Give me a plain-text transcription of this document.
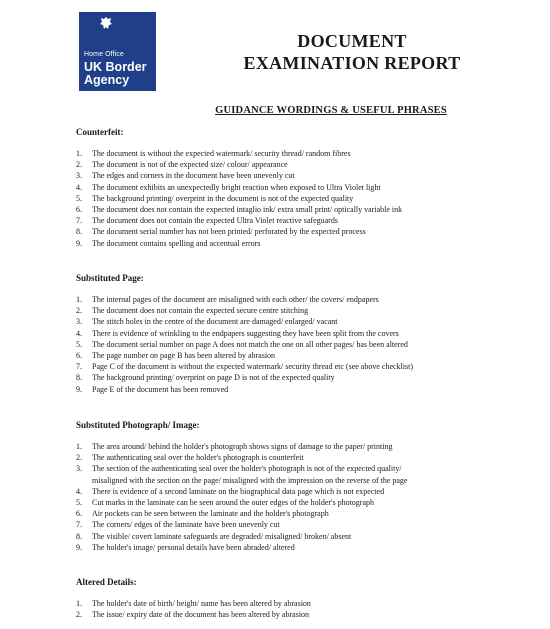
Home Office
UK Border
Agency
DOCUMENT
EXAMINATION REPORT
GUIDANCE WORDINGS & USEFUL PHRASES
Counterfeit:
1. The document is without the expected watermark/ security thread/ random fibres
2. The document is not of the expected size/ colour/ appearance
3. The edges and corners in the document have been unevenly cut
4. The document exhibits an unexpectedly bright reaction when exposed to Ultra Violet light
5. The background printing/ overprint in the document is not of the expected quality
6. The document does not contain the expected intaglio ink/ extra small print/ optically variable ink
7. The document does not contain the expected Ultra Violet reactive safeguards
8. The document serial number has not been printed/ perforated by the expected process
9. The document contains spelling and accentual errors
Substituted Page:
1. The internal pages of the document are misaligned with each other/ the covers/ endpapers
2. The document does not contain the expected secure centre stitching
3. The stitch holes in the centre of the document are damaged/ enlarged/ vacant
4. There is evidence of wrinkling to the endpapers suggesting they have been split from the covers
5. The document serial number on page A does not match the one on all other pages/ has been altered
6. The page number on page B has been altered by abrasion
7. Page C of the document is without the expected watermark/ security thread etc (see above checklist)
8. The background printing/ overprint on page D is not of the expected quality
9. Page E of the document has been removed
Substituted Photograph/ Image:
1. The area around/ behind the holder's photograph shows signs of damage to the paper/ printing
2. The authenticating seal over the holder's photograph is counterfeit
3. The section of the authenticating seal over the holder's photograph is not of the expected quality/
misaligned with the section on the page/ misaligned with the impression on the reverse of the page
4. There is evidence of a second laminate on the biographical data page which is not expected
5. Cut marks in the laminate can be seen around the outer edges of the holder's photograph
6. Air pockets can be seen between the laminate and the holder's photograph
7. The corners/ edges of the laminate have been unevenly cut
8. The visible/ covert laminate safeguards are degraded/ misaligned/ broken/ absent
9. The holder's image/ personal details have been abraded/ altered
Altered Details:
1. The holder's date of birth/ height/ name has been altered by abrasion
2. The issue/ expiry date of the document has been altered by abrasion
